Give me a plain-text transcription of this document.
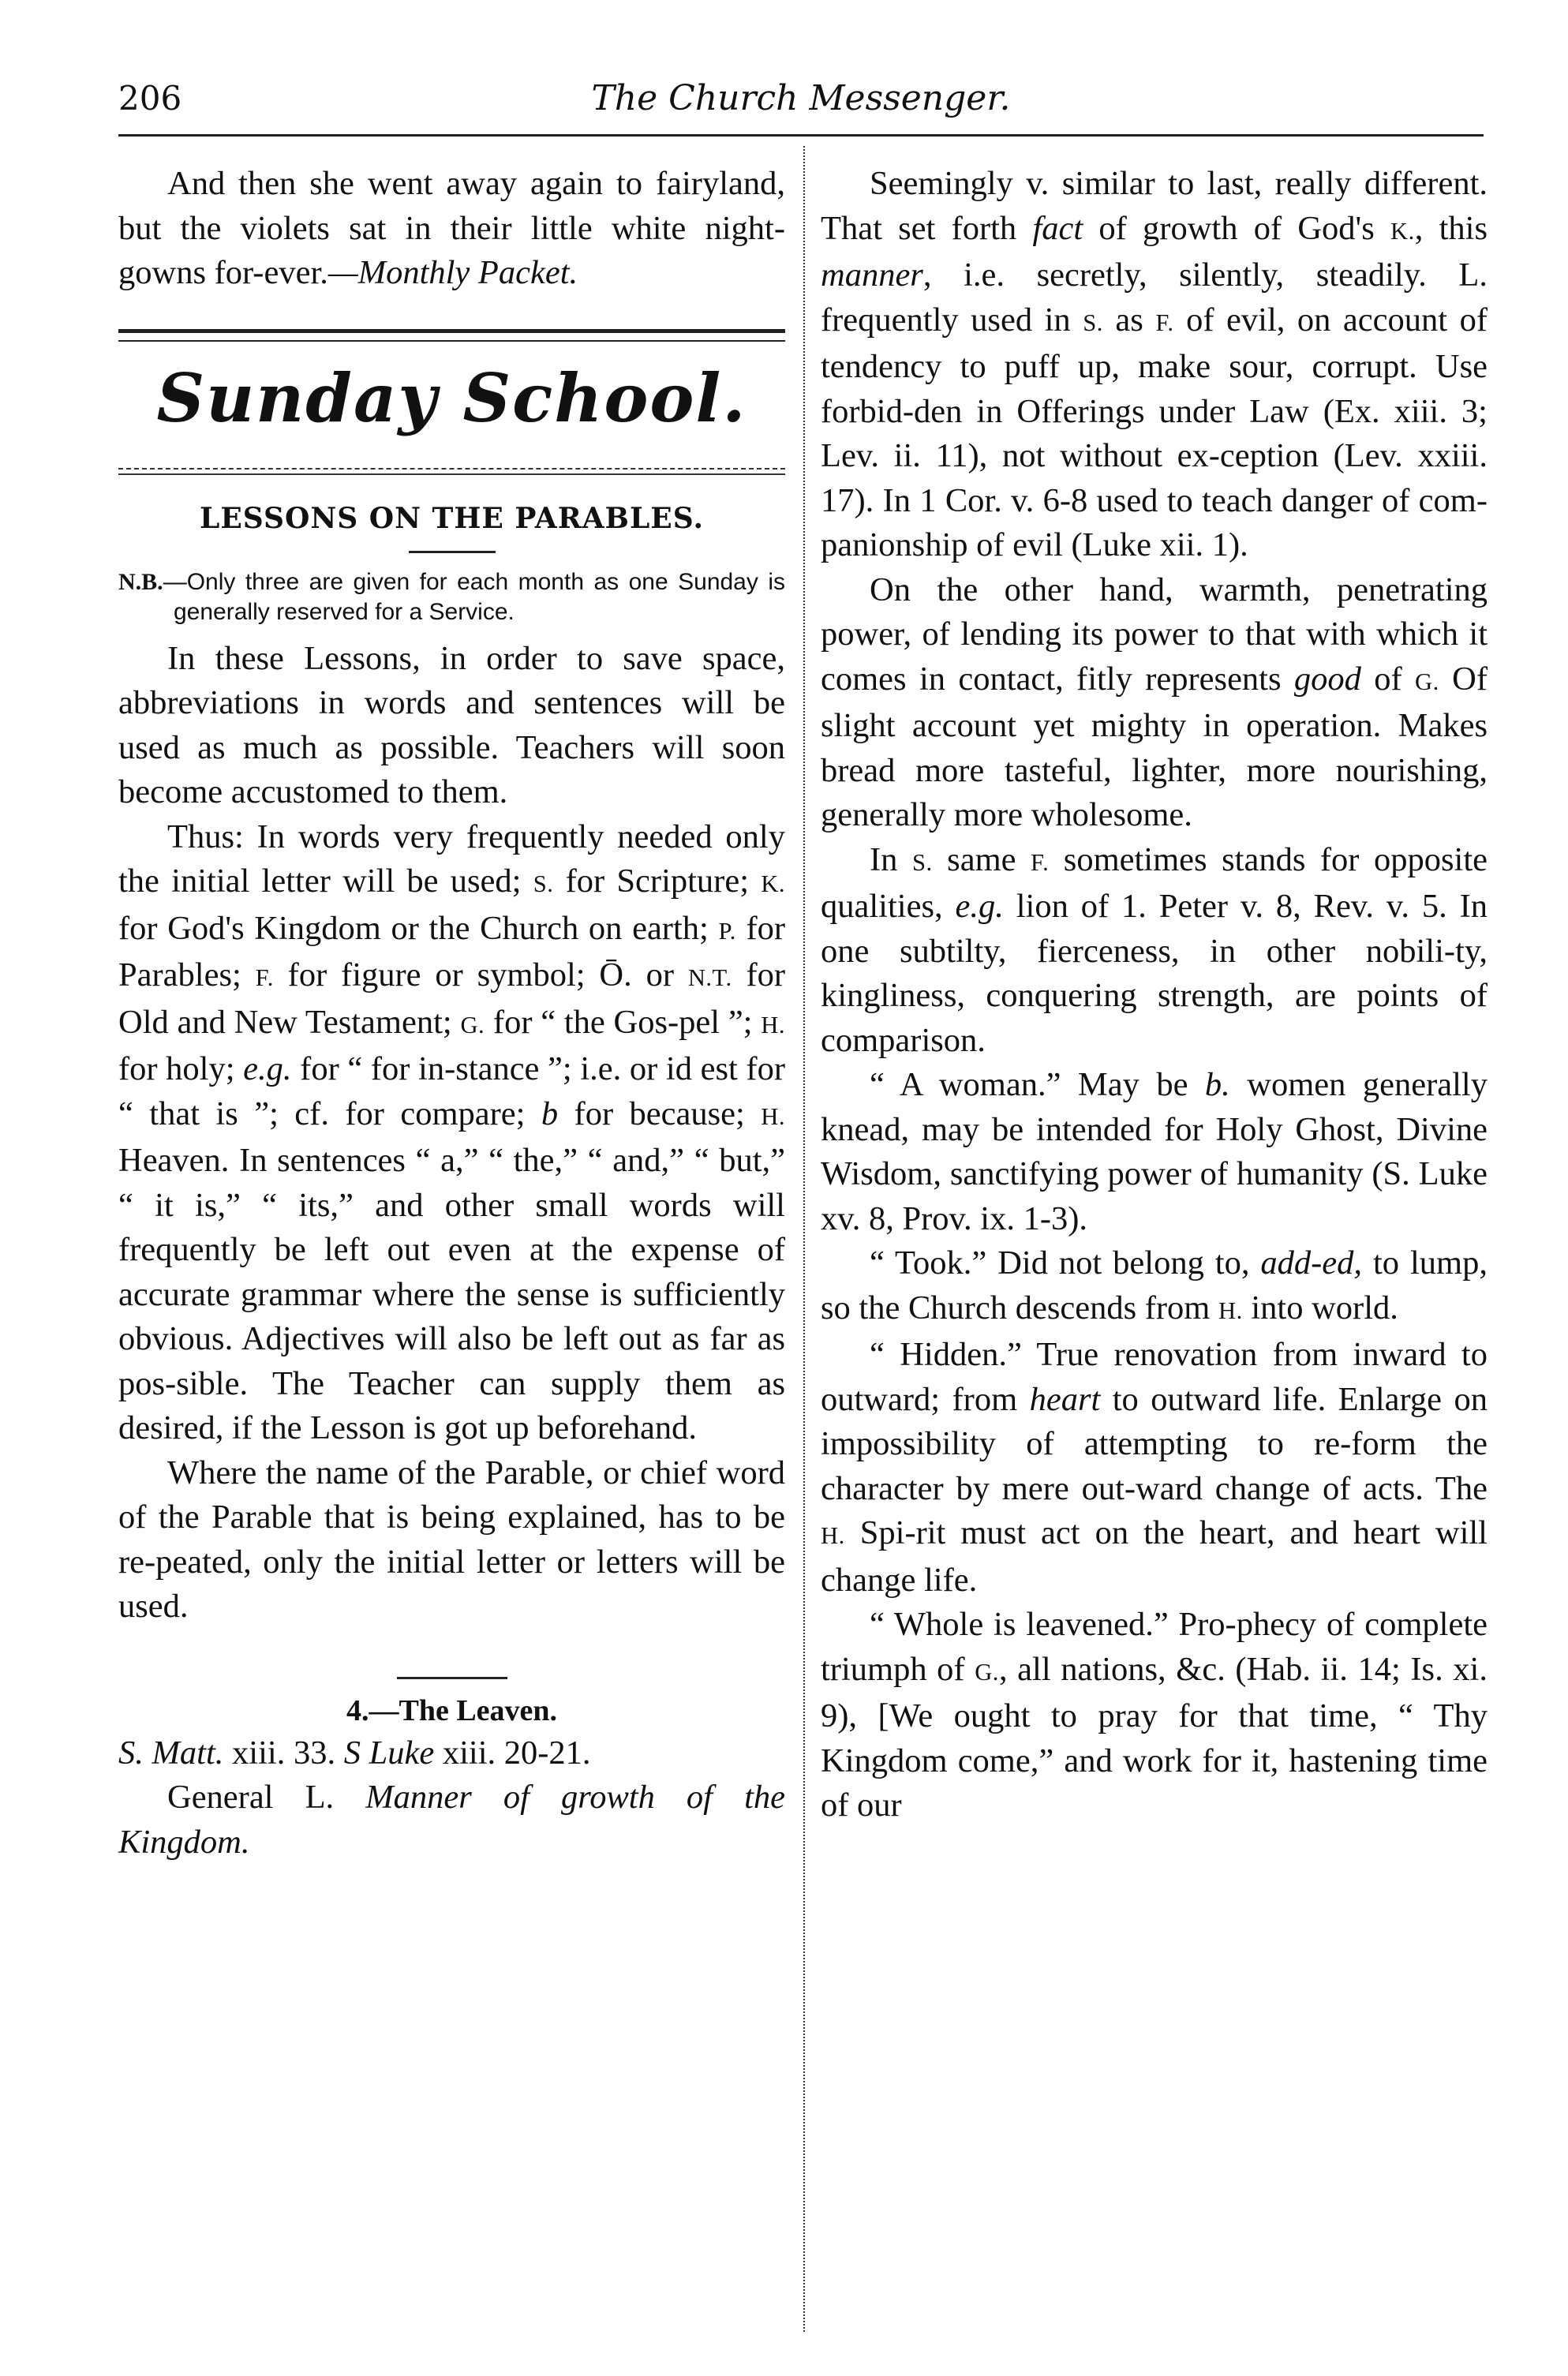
206	The Church Messenger.

And then she went away again to fairyland, but the violets sat in their little white night-gowns for-ever.—Monthly Packet.

Sunday School.
LESSONS ON THE PARABLES.
N.B.—Only three are given for each month as one Sunday is generally reserved for a Service.

In these Lessons, in order to save space, abbreviations in words and sentences will be used as much as possible. Teachers will soon become accustomed to them.

Thus: In words very frequently needed only the initial letter will be used; S. for Scripture; K. for God's Kingdom or the Church on earth; P. for Parables; F. for figure or symbol; Ō. or N.T. for Old and New Testament; G. for “ the Gos-pel ”; H. for holy; e.g. for “ for in-stance ”; i.e. or id est for “ that is ”; cf. for compare; b for because; H. Heaven. In sentences “ a,” “ the,” “ and,” “ but,” “ it is,” “ its,” and other small words will frequently be left out even at the expense of accurate grammar where the sense is sufficiently obvious. Adjectives will also be left out as far as pos-sible. The Teacher can supply them as desired, if the Lesson is got up beforehand.

Where the name of the Parable, or chief word of the Parable that is being explained, has to be re-peated, only the initial letter or letters will be used.

4.—The Leaven.

S. Matt. xiii. 33. S Luke xiii. 20-21.

General L. Manner of growth of the Kingdom.

Seemingly v. similar to last, really different. That set forth fact of growth of God's K., this manner, i.e. secretly, silently, steadily. L. frequently used in S. as F. of evil, on account of tendency to puff up, make sour, corrupt. Use forbid-den in Offerings under Law (Ex. xiii. 3; Lev. ii. 11), not without ex-ception (Lev. xxiii. 17). In 1 Cor. v. 6-8 used to teach danger of com-panionship of evil (Luke xii. 1).

On the other hand, warmth, penetrating power, of lending its power to that with which it comes in contact, fitly represents good of G. Of slight account yet mighty in operation. Makes bread more tasteful, lighter, more nourishing, generally more wholesome.

In S. same F. sometimes stands for opposite qualities, e.g. lion of 1. Peter v. 8, Rev. v. 5. In one subtilty, fierceness, in other nobili-ty, kingliness, conquering strength, are points of comparison.

“ A woman.” May be b. women generally knead, may be intended for Holy Ghost, Divine Wisdom, sanctifying power of humanity (S. Luke xv. 8, Prov. ix. 1-3).

“ Took.” Did not belong to, add-ed, to lump, so the Church descends from H. into world.

“ Hidden.” True renovation from inward to outward; from heart to outward life. Enlarge on impossibility of attempting to re-form the character by mere out-ward change of acts. The H. Spi-rit must act on the heart, and heart will change life.

“ Whole is leavened.” Pro-phecy of complete triumph of G., all nations, &c. (Hab. ii. 14; Is. xi. 9), [We ought to pray for that time, “ Thy Kingdom come,” and work for it, hastening time of our
